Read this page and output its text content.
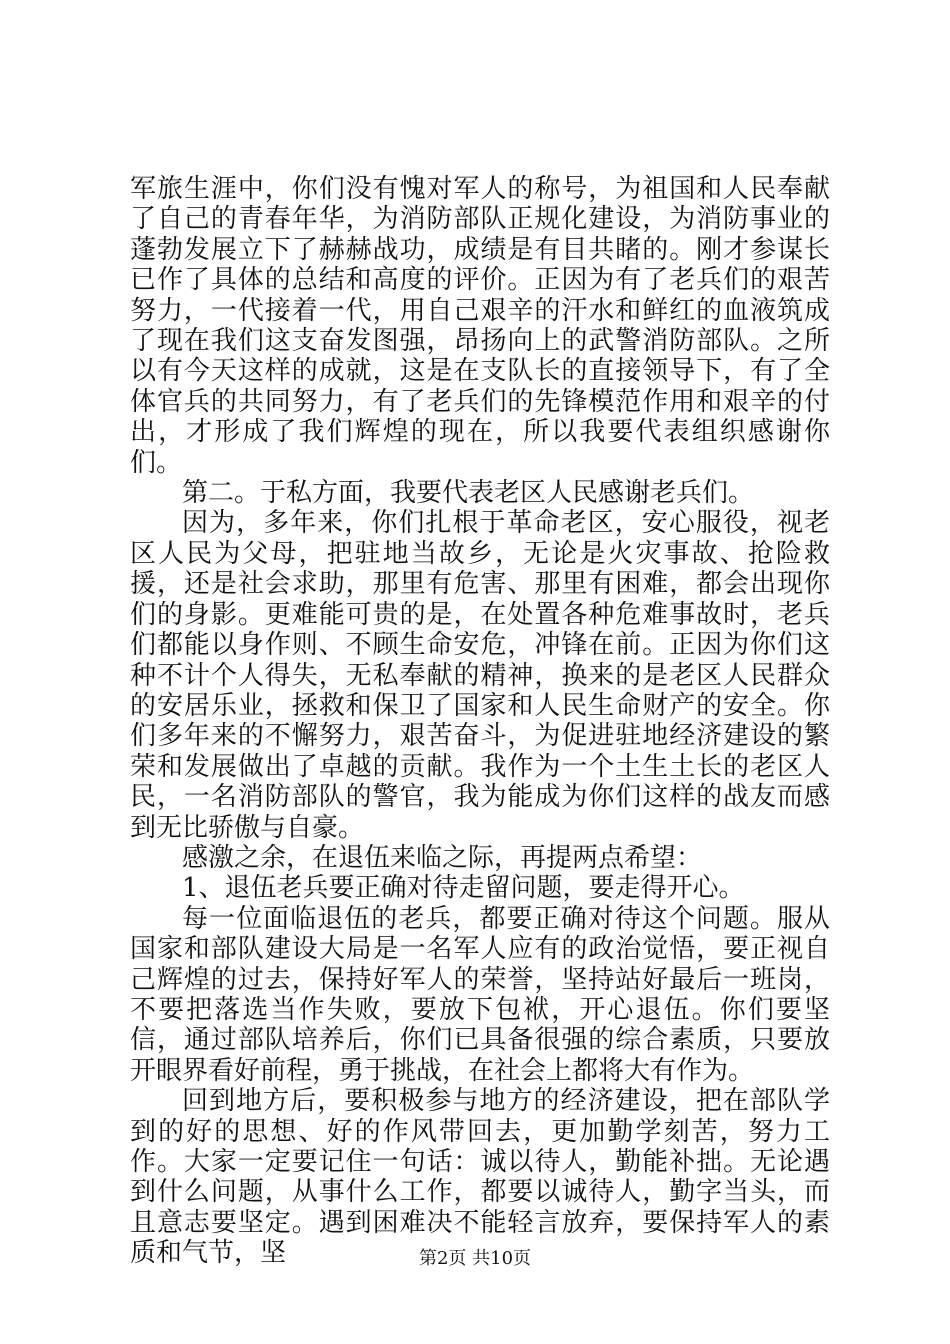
军旅生涯中，你们没有愧对军人的称号，为祖国和人民奉献了自己的青春年华，为消防部队正规化建设，为消防事业的蓬勃发展立下了赫赫战功，成绩是有目共睹的。刚才参谋长已作了具体的总结和高度的评价。正因为有了老兵们的艰苦努力，一代接着一代，用自己艰辛的汗水和鲜红的血液筑成了现在我们这支奋发图强，昂扬向上的武警消防部队。之所以有今天这样的成就，这是在支队长的直接领导下，有了全体官兵的共同努力，有了老兵们的先锋模范作用和艰辛的付出，才形成了我们辉煌的现在，所以我要代表组织感谢你们。

第二。于私方面，我要代表老区人民感谢老兵们。

因为，多年来，你们扎根于革命老区，安心服役，视老区人民为父母，把驻地当故乡，无论是火灾事故、抢险救援，还是社会求助，那里有危害、那里有困难，都会出现你们的身影。更难能可贵的是，在处置各种危难事故时，老兵们都能以身作则、不顾生命安危，冲锋在前。正因为你们这种不计个人得失，无私奉献的精神，换来的是老区人民群众的安居乐业，拯救和保卫了国家和人民生命财产的安全。你们多年来的不懈努力，艰苦奋斗，为促进驻地经济建设的繁荣和发展做出了卓越的贡献。我作为一个土生土长的老区人民，一名消防部队的警官，我为能成为你们这样的战友而感到无比骄傲与自豪。

感激之余，在退伍来临之际，再提两点希望：

1、退伍老兵要正确对待走留问题，要走得开心。

每一位面临退伍的老兵，都要正确对待这个问题。服从国家和部队建设大局是一名军人应有的政治觉悟，要正视自己辉煌的过去，保持好军人的荣誉，坚持站好最后一班岗，不要把落选当作失败，要放下包袱，开心退伍。你们要坚信，通过部队培养后，你们已具备很强的综合素质，只要放开眼界看好前程，勇于挑战，在社会上都将大有作为。

回到地方后，要积极参与地方的经济建设，把在部队学到的好的思想、好的作风带回去，更加勤学刻苦，努力工作。大家一定要记住一句话：诚以待人，勤能补拙。无论遇到什么问题，从事什么工作，都要以诚待人，勤字当头，而且意志要坚定。遇到困难决不能轻言放弃，要保持军人的素质和气节，坚	第2页 共10页
